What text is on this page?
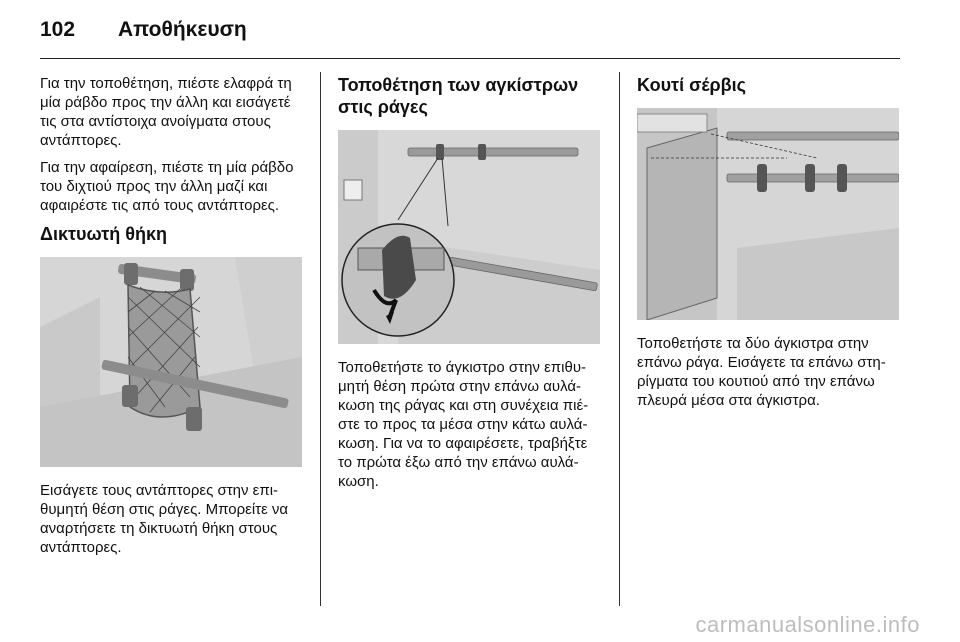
102 Αποθήκευση

Για την τοποθέτηση, πιέστε ελαφρά τη μία ράβδο προς την άλλη και εισάγετέ τις στα αντίστοιχα ανοίγματα στους αντάπτορες.

Για την αφαίρεση, πιέστε τη μία ράβδο του διχτιού προς την άλλη μαζί και αφαιρέστε τις από τους αντάπτορες.

Δικτυωτή θήκη

Εισάγετε τους αντάπτορες στην επι-θυμητή θέση στις ράγες. Μπορείτε να αναρτήσετε τη δικτυωτή θήκη στους αντάπτορες.

Τοποθέτηση των αγκίστρων στις ράγες

Τοποθετήστε το άγκιστρο στην επιθυ-μητή θέση πρώτα στην επάνω αυλά-κωση της ράγας και στη συνέχεια πιέ-στε το προς τα μέσα στην κάτω αυλά-κωση. Για να το αφαιρέσετε, τραβήξτε το πρώτα έξω από την επάνω αυλά-κωση.

Κουτί σέρβις

Τοποθετήστε τα δύο άγκιστρα στην επάνω ράγα. Εισάγετε τα επάνω στη-ρίγματα του κουτιού από την επάνω πλευρά μέσα στα άγκιστρα.

carmanualsonline.info
